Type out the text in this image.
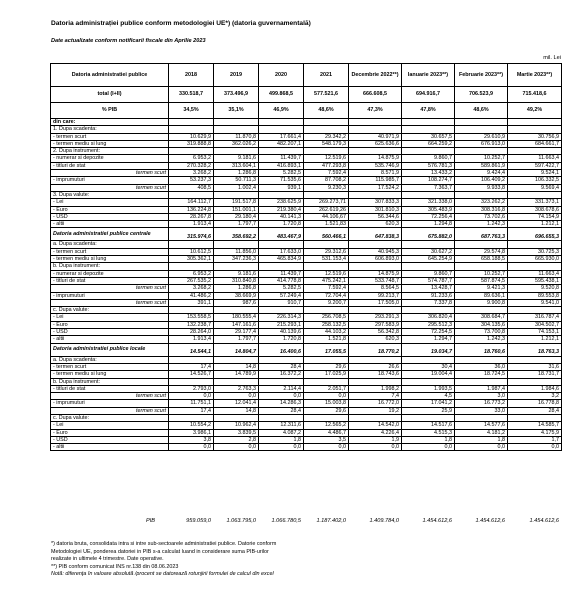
Datoria administrației publice conform metodologiei UE*) (datoria guvernamentală)
Date actualizate conform notificarii fiscale din Aprilie 2023
mil. Lei
Datoria administratiei publice	2018	2019	2020	2021	Decembrie 2022**)	Ianuarie 2023**)	Februarie 2023**)	Martie 2023**)
total (I+II)	330.518,7	373.496,9	499.868,5	577.521,6	666.608,5	694.916,7	706.523,9	715.418,6
% PIB	34,5%	35,1%	46,9%	48,6%	47,3%	47,8%	48,6%	49,2%
din care:								
1. Dupa scadenta:								
- termen scurt	10.629,9	11.870,8	17.661,4	29.342,2	40.971,9	30.657,5	29.610,9	30.756,9
- termen mediu si lung	319.888,8	362.026,2	482.207,1	548.179,3	625.636,6	664.259,2	676.913,0	684.661,7
2. Dupa instrument:								
- numerar si depozite	6.953,2	9.181,6	11.439,7	12.519,6	14.875,9	9.860,7	10.252,7	11.663,4
- titluri de stat	270.328,2	313.604,1	416.893,1	477.293,8	535.746,9	576.781,3	589.861,9	597.422,7
termen scurt	3.268,2	1.286,8	5.282,5	7.592,4	8.571,9	13.433,2	9.424,4	9.524,1
- imprumuturi	53.237,3	50.711,3	71.535,6	87.708,2	115.985,7	108.274,7	106.409,2	106.332,5
termen scurt	408,5	1.002,4	939,1	9.230,3	17.524,2	7.363,7	9.933,8	9.569,4
3. Dupa valute:								
- Lei	164.112,7	191.517,8	238.625,9	269.273,71	307.833,3	321.338,0	323.262,2	331.373,1
- Euro	136.224,8	151.001,1	219.380,4	262.619,26	301.810,3	305.483,9	308.316,8	308.678,6
- USD	28.267,8	29.180,4	40.141,3	44.106,67	56.344,6	72.256,4	73.702,6	74.154,9
- altii	1.913,4	1.797,7	1.720,8	1.521,83	620,3	1.294,8	1.242,3	1.212,1
Datoria administratiei publice centrale	315.974,6	358.692,2	483.467,9	560.466,1	647.838,3	675.882,0	687.763,3	696.655,3
a. Dupa scadenta:								
- termen scurt	10.612,5	11.856,0	17.633,0	29.312,6	40.945,3	30.627,2	29.574,8	30.725,3
- termen mediu si lung	305.362,1	347.236,3	465.834,9	531.153,4	606.893,0	645.254,9	658.188,5	665.930,0
b. Dupa instrument:								
- numerar si depozite	6.953,2	9.181,6	11.439,7	12.519,6	14.875,9	9.860,7	10.252,7	11.663,4
- titluri de stat	267.535,2	310.840,8	414.778,8	475.242,1	533.748,7	574.787,7	587.874,5	595.438,1
termen scurt	3.268,2	1.286,8	5.282,5	7.592,4	8.564,5	13.428,7	9.421,3	9.520,8
- imprumuturi	41.486,2	38.669,9	57.249,4	72.704,4	99.213,7	91.233,6	89.636,1	89.553,8
termen scurt	391,1	987,6	910,7	9.200,7	17.505,0	7.337,8	9.900,8	9.541,0
c. Dupa valute:								
- Lei	153.558,5	180.555,4	226.314,3	256.708,5	293.291,3	306.820,4	308.684,7	316.787,4
- Euro	132.238,7	147.161,6	215.293,1	258.132,5	297.583,9	295.512,3	304.135,6	304.502,7
- USD	28.264,0	29.177,4	40.139,6	44.103,2	56.342,8	72.254,5	73.700,8	74.153,1
- altii	1.913,4	1.797,7	1.720,8	1.521,8	620,3	1.294,7	1.242,3	1.212,1
Datoria administratiei publice locale	14.544,1	14.804,7	16.400,6	17.055,5	18.770,2	19.034,7	18.760,6	18.763,3
a. Dupa scadenta:								
- termen scurt	17,4	14,8	28,4	29,6	26,6	30,4	36,0	31,6
- termen mediu si lung	14.526,7	14.789,9	16.372,2	17.025,9	18.743,6	19.004,4	18.724,5	18.731,7
b. Dupa instrument:								
- titluri de stat	2.793,0	2.763,3	2.114,4	2.051,7	1.998,2	1.993,5	1.987,4	1.984,6
termen scurt	0,0	0,0	0,0	0,0	7,4	4,5	3,0	3,2
- imprumuturi	11.751,1	12.041,4	14.286,3	15.003,8	16.772,0	17.041,2	16.773,2	16.778,8
termen scurt	17,4	14,8	28,4	29,6	19,2	25,9	33,0	28,4
c. Dupa valute:								
- Lei	10.554,2	10.962,4	12.311,6	12.565,2	14.542,0	14.517,6	14.577,6	14.585,7
- Euro	3.986,1	3.839,5	4.087,2	4.486,7	4.226,4	4.515,3	4.181,2	4.175,9
- USD	3,8	2,8	1,8	3,5	1,9	1,8	1,8	1,7
- altii	0,0	0,0	0,0	0,0	0,0	0,0	0,0	0,0
PIB	959.059,0	1.063.795,0	1.066.780,5	1.187.402,0	1.409.784,0	1.454.612,6	1.454.612,6	1.454.612,6
*) datoria bruta, consolidata intra si intre sub-sectoarele administratiei publice. Datorie conform
Metodologiei UE, ponderea datoriei in PIB s-a calculat luand in considerare suma PIB-urilor
realizate in ultimele 4 trimestre. Date operative.
**) PIB conform comunicat INS nr.138 din 08.06.2023
Notă: diferenţa în valoare absolută /procent se datorează rotunjirii formulei de calcul din excel
